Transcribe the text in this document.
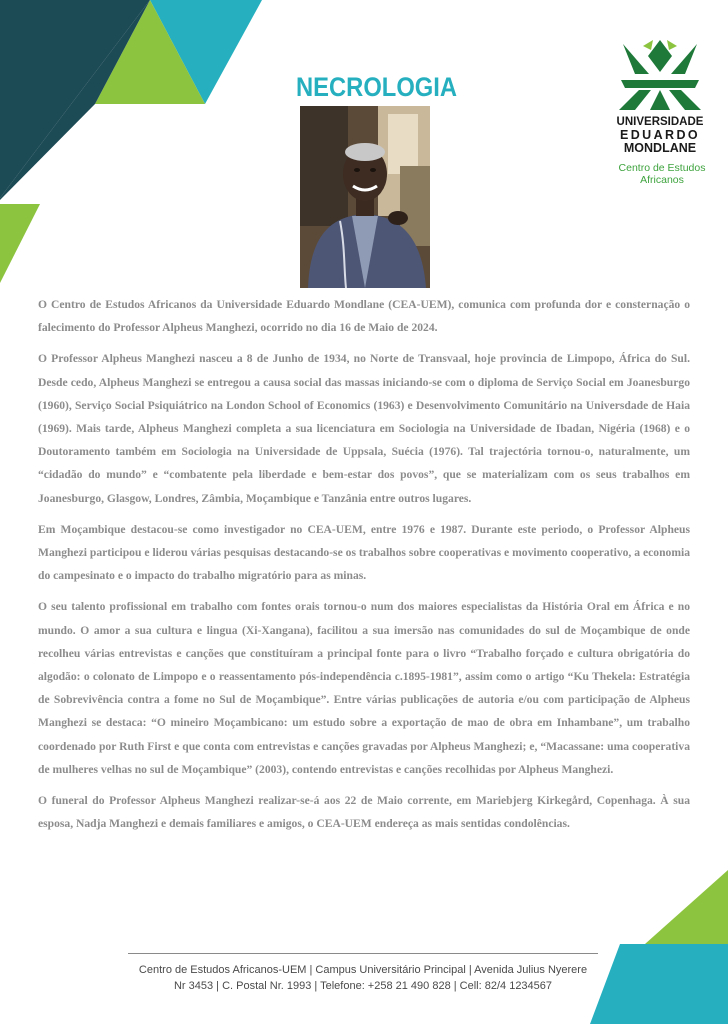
NECROLOGIA
UNIVERSIDADE
EDUARDO
MONDLANE
Centro de Estudos Africanos

O Centro de Estudos Africanos da Universidade Eduardo Mondlane (CEA-UEM), comunica com profunda dor e consternação o falecimento do Professor Alpheus Manghezi, ocorrido no dia 16 de Maio de 2024.

O Professor Alpheus Manghezi nasceu a 8 de Junho de 1934, no Norte de Transvaal, hoje provincia de Limpopo, África do Sul. Desde cedo, Alpheus Manghezi se entregou a causa social das massas iniciando-se com o diploma de Serviço Social em Joanesburgo (1960), Serviço Social Psiquiátrico na London School of Economics (1963) e Desenvolvimento Comunitário na Universdade de Haia (1969). Mais tarde, Alpheus Manghezi completa a sua licenciatura em Sociologia na Universidade de Ibadan, Nigéria (1968) e o Doutoramento também em Sociologia na Universidade de Uppsala, Suécia (1976). Tal trajectória tornou-o, naturalmente, um “cidadão do mundo” e “combatente pela liberdade e bem-estar dos povos”, que se materializam com os seus trabalhos em Joanesburgo, Glasgow, Londres, Zâmbia, Moçambique e Tanzânia entre outros lugares.

Em Moçambique destacou-se como investigador no CEA-UEM, entre 1976 e 1987. Durante este periodo, o Professor Alpheus Manghezi participou e liderou várias pesquisas destacando-se os trabalhos sobre cooperativas e movimento cooperativo, a economia do campesinato e o impacto do trabalho migratório para as minas.

O seu talento profissional em trabalho com fontes orais tornou-o num dos maiores especialistas da História Oral em África e no mundo. O amor a sua cultura e lingua (Xi-Xangana), facilitou a sua imersão nas comunidades do sul de Moçambique de onde recolheu várias entrevistas e canções que constituíram a principal fonte para o livro “Trabalho forçado e cultura obrigatória do algodão: o colonato de Limpopo e o reassentamento pós-independência c.1895-1981”, assim como o artigo “Ku Thekela: Estratégia de Sobrevivência contra a fome no Sul de Moçambique”. Entre várias publicações de autoria e/ou com participação de Alpheus Manghezi se destaca: “O mineiro Moçambicano: um estudo sobre a exportação de mao de obra em Inhambane”, um trabalho coordenado por Ruth First e que conta com entrevistas e canções gravadas por Alpheus Manghezi; e, “Macassane: uma cooperativa de mulheres velhas no sul de Moçambique” (2003), contendo entrevistas e canções recolhidas por Alpheus Manghezi.

O funeral do Professor Alpheus Manghezi realizar-se-á aos 22 de Maio corrente, em Mariebjerg Kirkegård, Copenhaga. À sua esposa, Nadja Manghezi e demais familiares e amigos, o CEA-UEM endereça as mais sentidas condolências.

Centro de Estudos Africanos-UEM | Campus Universitário Principal | Avenida Julius Nyerere
Nr 3453 | C. Postal Nr. 1993 | Telefone: +258 21 490 828 | Cell: 82/4 1234567
